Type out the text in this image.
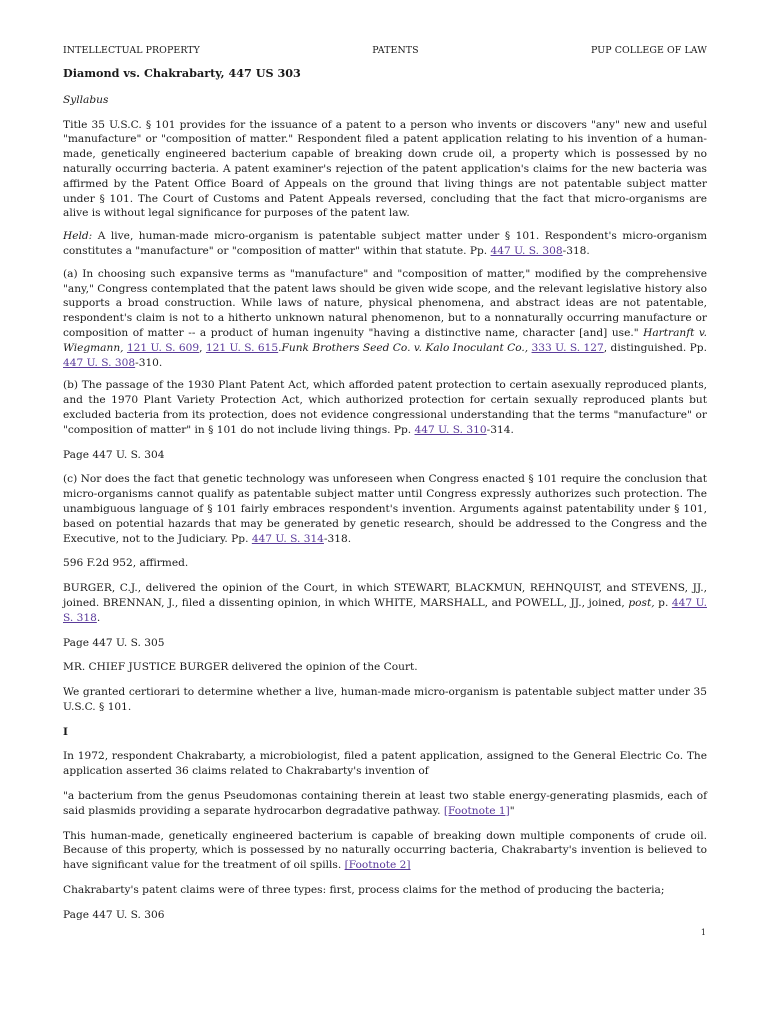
INTELLECTUAL PROPERTY	PATENTS	PUP COLLEGE OF LAW
Diamond vs. Chakrabarty, 447 US 303

Syllabus

Title 35 U.S.C. § 101 provides for the issuance of a patent to a person who invents or discovers "any" new and useful "manufacture" or "composition of matter." Respondent filed a patent application relating to his invention of a human-made, genetically engineered bacterium capable of breaking down crude oil, a property which is possessed by no naturally occurring bacteria. A patent examiner's rejection of the patent application's claims for the new bacteria was affirmed by the Patent Office Board of Appeals on the ground that living things are not patentable subject matter under § 101. The Court of Customs and Patent Appeals reversed, concluding that the fact that micro-organisms are alive is without legal significance for purposes of the patent law.

Held: A live, human-made micro-organism is patentable subject matter under § 101. Respondent's micro-organism constitutes a "manufacture" or "composition of matter" within that statute. Pp. 447 U. S. 308-318.

(a) In choosing such expansive terms as "manufacture" and "composition of matter," modified by the comprehensive "any," Congress contemplated that the patent laws should be given wide scope, and the relevant legislative history also supports a broad construction. While laws of nature, physical phenomena, and abstract ideas are not patentable, respondent's claim is not to a hitherto unknown natural phenomenon, but to a nonnaturally occurring manufacture or composition of matter -- a product of human ingenuity "having a distinctive name, character [and] use." Hartranft v. Wiegmann, 121 U. S. 609, 121 U. S. 615.Funk Brothers Seed Co. v. Kalo Inoculant Co., 333 U. S. 127, distinguished. Pp. 447 U. S. 308-310.

(b) The passage of the 1930 Plant Patent Act, which afforded patent protection to certain asexually reproduced plants, and the 1970 Plant Variety Protection Act, which authorized protection for certain sexually reproduced plants but excluded bacteria from its protection, does not evidence congressional understanding that the terms "manufacture" or "composition of matter" in § 101 do not include living things. Pp. 447 U. S. 310-314.

Page 447 U. S. 304

(c) Nor does the fact that genetic technology was unforeseen when Congress enacted § 101 require the conclusion that micro-organisms cannot qualify as patentable subject matter until Congress expressly authorizes such protection. The unambiguous language of § 101 fairly embraces respondent's invention. Arguments against patentability under § 101, based on potential hazards that may be generated by genetic research, should be addressed to the Congress and the Executive, not to the Judiciary. Pp. 447 U. S. 314-318.

596 F.2d 952, affirmed.

BURGER, C.J., delivered the opinion of the Court, in which STEWART, BLACKMUN, REHNQUIST, and STEVENS, JJ., joined. BRENNAN, J., filed a dissenting opinion, in which WHITE, MARSHALL, and POWELL, JJ., joined, post, p. 447 U. S. 318.

Page 447 U. S. 305

MR. CHIEF JUSTICE BURGER delivered the opinion of the Court.

We granted certiorari to determine whether a live, human-made micro-organism is patentable subject matter under 35 U.S.C. § 101.

I

In 1972, respondent Chakrabarty, a microbiologist, filed a patent application, assigned to the General Electric Co. The application asserted 36 claims related to Chakrabarty's invention of

"a bacterium from the genus Pseudomonas containing therein at least two stable energy-generating plasmids, each of said plasmids providing a separate hydrocarbon degradative pathway. [Footnote 1]"

This human-made, genetically engineered bacterium is capable of breaking down multiple components of crude oil. Because of this property, which is possessed by no naturally occurring bacteria, Chakrabarty's invention is believed to have significant value for the treatment of oil spills. [Footnote 2]

Chakrabarty's patent claims were of three types: first, process claims for the method of producing the bacteria;

Page 447 U. S. 306

1
